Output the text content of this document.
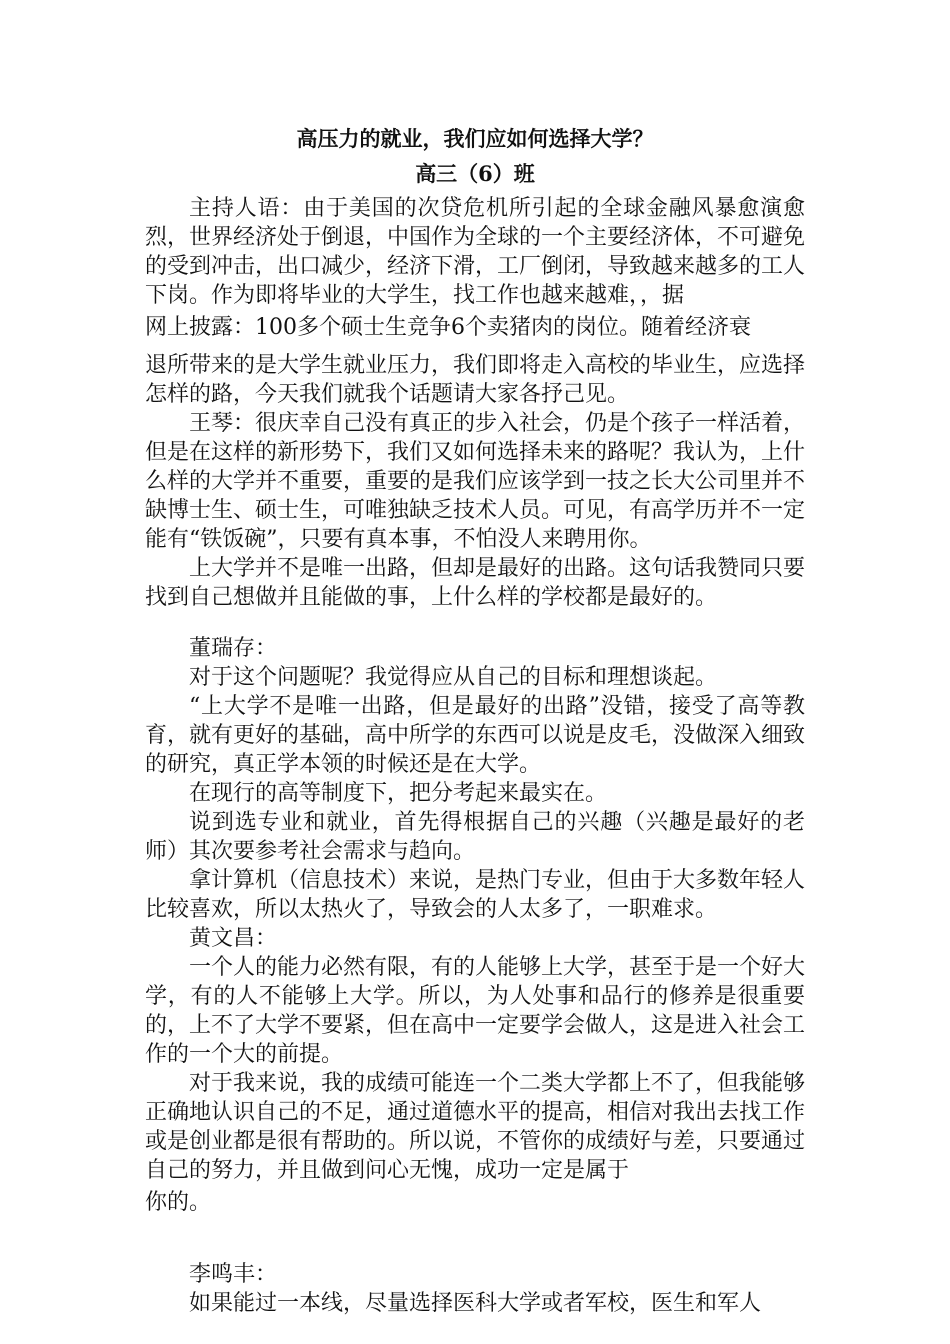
高压力的就业，我们应如何选择大学？
高三（6）班

主持人语：由于美国的次贷危机所引起的全球金融风暴愈演愈烈，世界经济处于倒退，中国作为全球的一个主要经济体，不可避免的受到冲击，出口减少，经济下滑，工厂倒闭，导致越来越多的工人下岗。作为即将毕业的大学生，找工作也越来越难，，据

网上披露：100多个硕士生竞争6个卖猪肉的岗位。随着经济衰

退所带来的是大学生就业压力，我们即将走入高校的毕业生，应选择怎样的路，今天我们就我个话题请大家各抒己见。

王琴：很庆幸自己没有真正的步入社会，仍是个孩子一样活着，但是在这样的新形势下，我们又如何选择未来的路呢？我认为，上什么样的大学并不重要，重要的是我们应该学到一技之长大公司里并不缺博士生、硕士生，可唯独缺乏技术人员。可见，有高学历并不一定能有“铁饭碗”，只要有真本事，不怕没人来聘用你。

上大学并不是唯一出路，但却是最好的出路。这句话我赞同只要找到自己想做并且能做的事，上什么样的学校都是最好的。

董瑞存：

对于这个问题呢？我觉得应从自己的目标和理想谈起。

“上大学不是唯一出路，但是最好的出路”没错，接受了高等教育，就有更好的基础，高中所学的东西可以说是皮毛，没做深入细致的研究，真正学本领的时候还是在大学。

在现行的高等制度下，把分考起来最实在。

说到选专业和就业，首先得根据自己的兴趣（兴趣是最好的老师）其次要参考社会需求与趋向。

拿计算机（信息技术）来说，是热门专业，但由于大多数年轻人比较喜欢，所以太热火了，导致会的人太多了，一职难求。

黄文昌：

一个人的能力必然有限，有的人能够上大学，甚至于是一个好大学，有的人不能够上大学。所以，为人处事和品行的修养是很重要的，上不了大学不要紧，但在高中一定要学会做人，这是进入社会工作的一个大的前提。

对于我来说，我的成绩可能连一个二类大学都上不了，但我能够正确地认识自己的不足，通过道德水平的提高，相信对我出去找工作或是创业都是很有帮助的。所以说，不管你的成绩好与差，只要通过自己的努力，并且做到问心无愧，成功一定是属于

你的。

李鸣丰：

如果能过一本线，尽量选择医科大学或者军校，医生和军人
